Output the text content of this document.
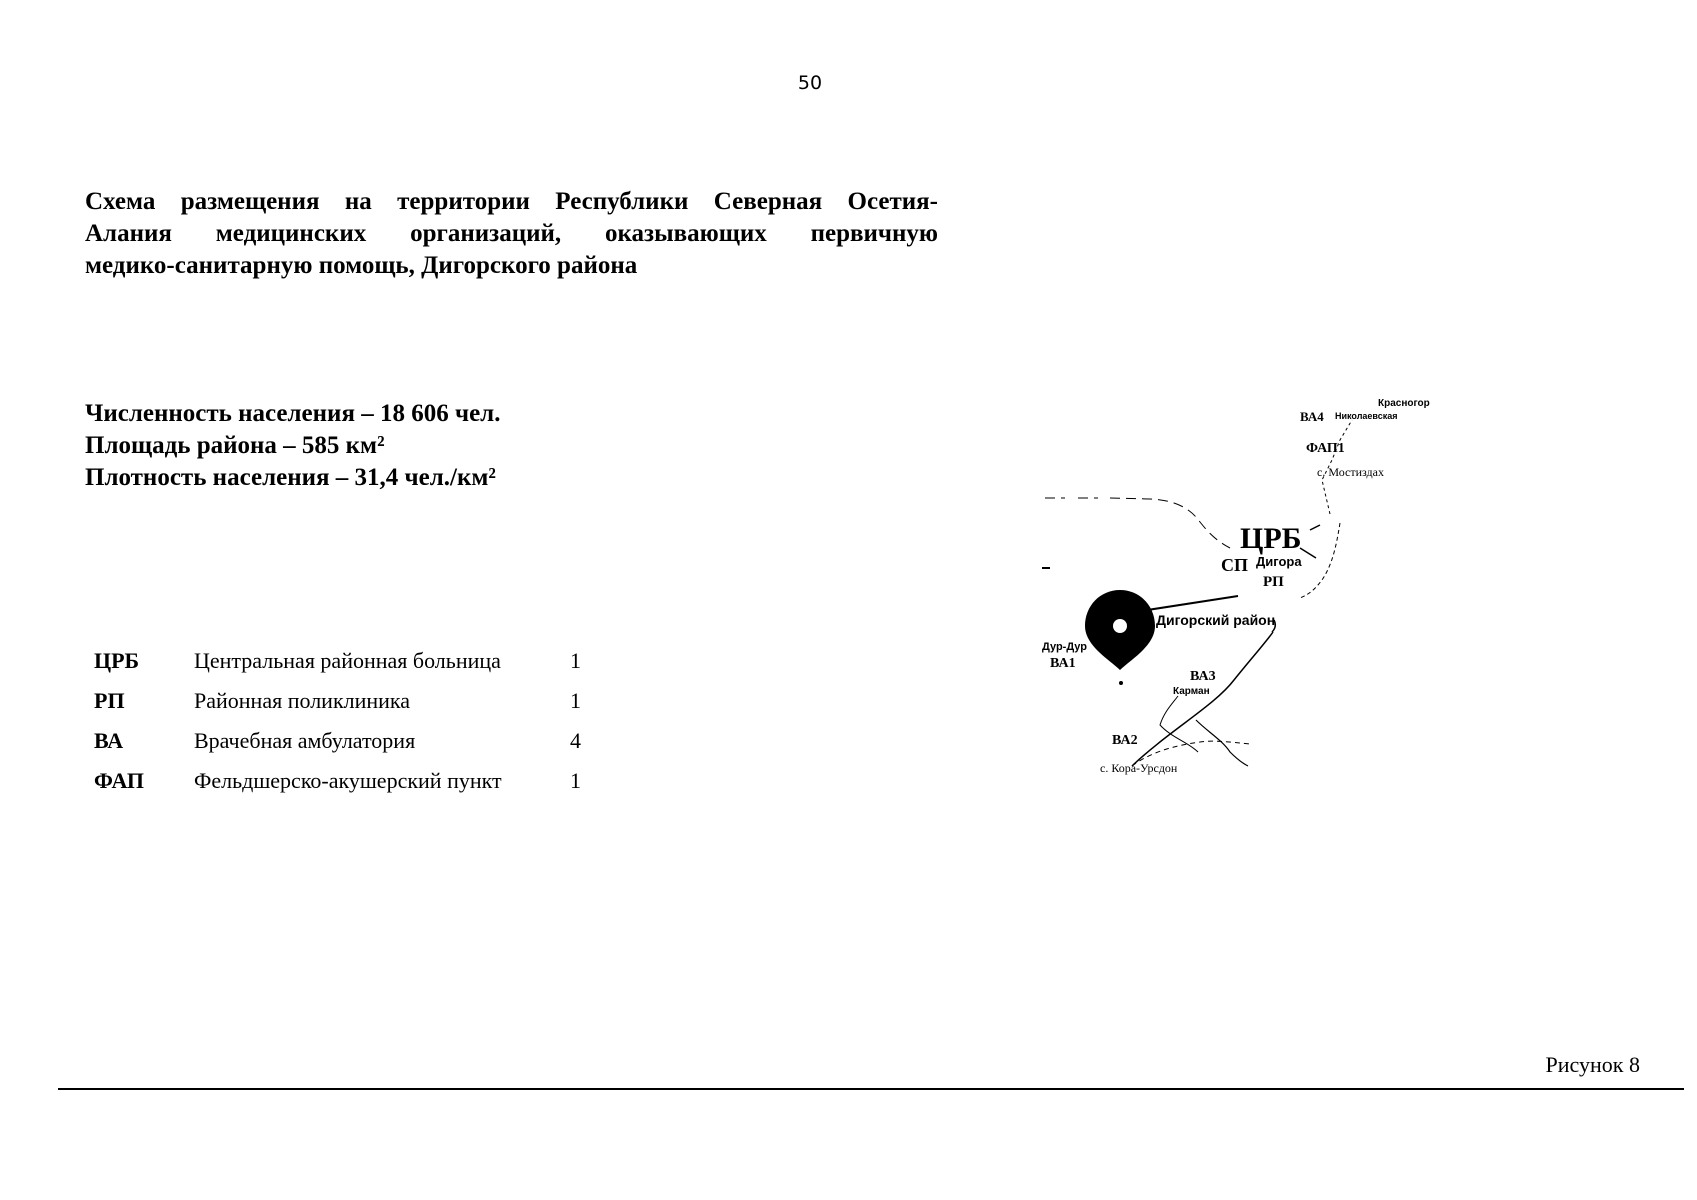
50
Схема размещения на территории Республики Северная Осетия-
Алания медицинских организаций, оказывающих первичную
медико-санитарную помощь, Дигорского района
Численность населения – 18 606 чел.
Площадь района – 585 км²
Плотность населения – 31,4 чел./км²
ЦРБ Центральная районная больница	1
РП	Районная поликлиника	1
ВА	Врачебная амбулатория	4
ФАП Фельдшерско-акушерский пункт	1
Красногор
ВА4 Николаевская
ФАП1
с. Мостиздах
ЦРБ
СП Дигора
РП
Дигорский район
Дур-Дур
ВА1
ВА3
Карман
ВА2
с. Кора-Урсдон
Рисунок 8
